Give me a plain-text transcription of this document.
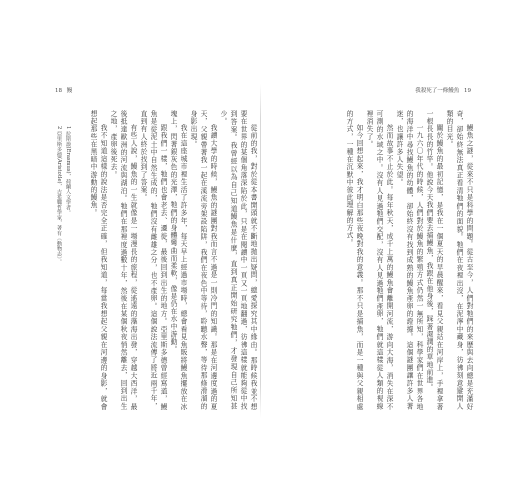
18 鰻

從前的我，對於從本書開頭就不斷地拋出疑問，總愛探究其中緣由。那時候我並不想要在世界的某個角落深陷於此，只是在閱讀中一頁又一頁地翻過，彷彿這樣就能夠從中找到答案。我曾經以為自己知道鰻魚是什麼，直到真正開始研究牠們，才發現自己所知甚少。

我讀大學的時候，鰻魚的謎團對我而言不過是一則冷門的知識。那是在河邊度過的夏天，父親帶著我一起在溪流旁架設陷阱，我們在夜色中等待，聆聽水聲，等待那條滑溜的身影出現。

我在這座城市裡生活了許多年，每天早上經過市場時，總會看見魚販將鰻魚擺放在冰塊上，閃著銀灰色的光澤，牠們的身體彎曲而柔軟，像是仍在水中游動。

跟我們一樣，牠們也會老去、遷徙，最後回到出生的地方。亞里斯多德曾經寫道，鰻魚是從泥土中自然生成的，牠們沒有雌雄之分，也不產卵。這個說法流傳了將近兩千年，直到有人終於找到了答案。

有些人說，鰻魚的一生就像是一場漫長的旅程，從遙遠的藻海出發，穿越大西洋，最後抵達歐洲的河流與湖泊。牠們在那裡度過數十年，然後在某個秋夜悄然離去，回到出生之地，產卵後死去。

我不知道這樣的說法是否完全正確，但我知道，每當我想起父親在河邊的身影，就會想起那些在黑暗中游動的鰻魚。

1 拉斯謨(Erasmus)，荷蘭人文學者。

2 亞里斯多德(Aristotle)，古希臘哲學家，著有《動物志》。

我殺死了一條鰻魚 19

鰻魚之謎，從來不只是科學的問題。從古至今，人們對牠們的來歷與去向總是充滿好奇，卻始終無法真正看清牠們的面貌。牠們在夜裡出沒，在泥濘中藏身，彷彿刻意避開人類的目光。

關於鰻魚的最初記憶，是我在一個夏天的早晨醒來，看見父親站在河岸上，手裡拿著一根長長的竹竿。他說今天我們要去捕鰻魚，我跟在他身後，踩著濕潤的草地前進。

一九六〇年代的時候，人們對於鰻魚的繁殖方式仍然一無所知，科學家們在世界各地的海洋中尋找鰻魚的幼體，卻始終沒有找到成熟的鰻魚產卵的證據。這個謎團讓許多人著迷，也讓許多人失望。

然而故事不止於此。每年秋天，成千上萬的鰻魚會離開河流，游向大海，消失在深不可測的水域之中。沒有人見過牠們交配，沒有人見過牠們產卵，牠們就這樣從人類的視線裡消失了。

如今回想起來，我才明白那些夜晚對我的意義。那不只是捕魚，而是一種與父親相處的方式，一種在沉默中彼此理解的方式。
